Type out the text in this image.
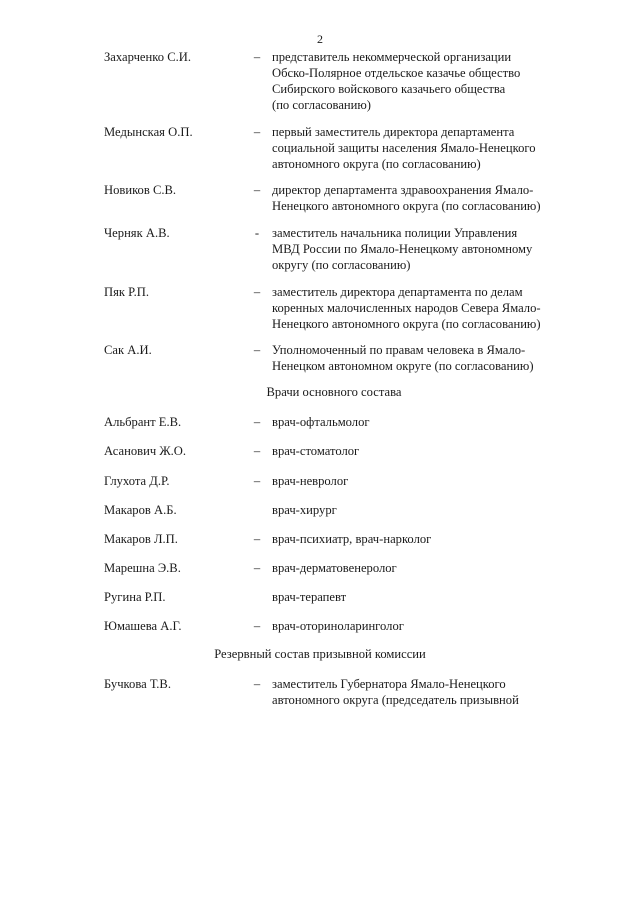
2
Захарченко С.И.	– представитель некоммерческой организации
Обско-Полярное отдельское казачье общество
Сибирского войскового казачьего общества
(по согласованию)
Медынская О.П.	– первый заместитель директора департамента
социальной защиты населения Ямало-Ненецкого
автономного округа (по согласованию)
Новиков С.В.	– директор департамента здравоохранения Ямало-
Ненецкого автономного округа (по согласованию)
Черняк А.В.	-	заместитель начальника полиции Управления
МВД России по Ямало-Ненецкому автономному
округу (по согласованию)
Пяк Р.П.	– заместитель директора департамента по делам
коренных малочисленных народов Севера Ямало-
Ненецкого автономного округа (по согласованию)
Сак А.И.	– Уполномоченный по правам человека в Ямало-
Ненецком автономном округе (по согласованию)
Врачи основного состава
Альбрант Е.В.	– врач-офтальмолог
Асанович Ж.О.	– врач-стоматолог
Глухота Д.Р.	– врач-невролог
Макаров А.Б.	врач-хирург
Макаров Л.П.	– врач-психиатр, врач-нарколог
Марешна Э.В.	– врач-дерматовенеролог
Ругина Р.П.	врач-терапевт
Юмашева А.Г.	– врач-оториноларинголог
Резервный состав призывной комиссии
Бучкова Т.В.	– заместитель Губернатора Ямало-Ненецкого
автономного округа (председатель призывной
